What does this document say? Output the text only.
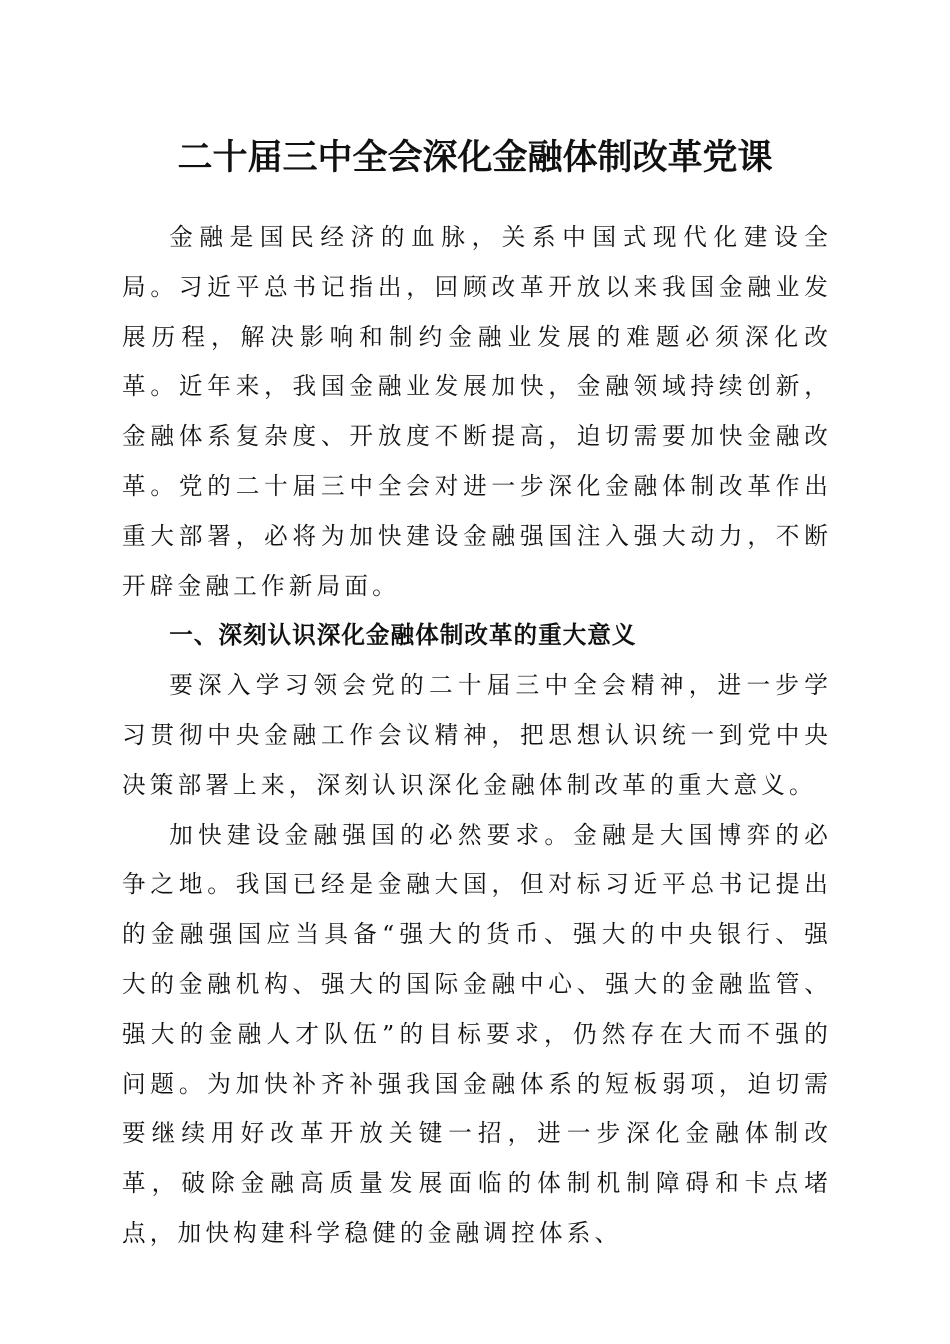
二十届三中全会深化金融体制改革党课

金融是国民经济的血脉，关系中国式现代化建设全局。习近平总书记指出，回顾改革开放以来我国金融业发展历程，解决影响和制约金融业发展的难题必须深化改革。近年来，我国金融业发展加快，金融领域持续创新，金融体系复杂度、开放度不断提高，迫切需要加快金融改革。党的二十届三中全会对进一步深化金融体制改革作出重大部署，必将为加快建设金融强国注入强大动力，不断开辟金融工作新局面。

一、深刻认识深化金融体制改革的重大意义

要深入学习领会党的二十届三中全会精神，进一步学习贯彻中央金融工作会议精神，把思想认识统一到党中央决策部署上来，深刻认识深化金融体制改革的重大意义。

加快建设金融强国的必然要求。金融是大国博弈的必争之地。我国已经是金融大国，但对标习近平总书记提出的金融强国应当具备“强大的货币、强大的中央银行、强大的金融机构、强大的国际金融中心、强大的金融监管、强大的金融人才队伍”的目标要求，仍然存在大而不强的问题。为加快补齐补强我国金融体系的短板弱项，迫切需要继续用好改革开放关键一招，进一步深化金融体制改革，破除金融高质量发展面临的体制机制障碍和卡点堵点，加快构建科学稳健的金融调控体系、
